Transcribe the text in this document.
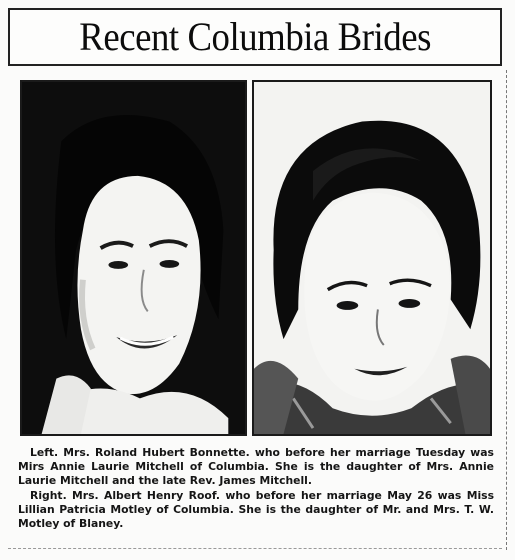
Recent Columbia Brides

Left. Mrs. Roland Hubert Bonnette. who before her marriage Tuesday was Mirs Annie Laurie Mitchell of Columbia. She is the daughter of Mrs. Annie Laurie Mitchell and the late Rev. James Mitchell.

Right. Mrs. Albert Henry Roof. who before her marriage May 26 was Miss Lillian Patricia Motley of Columbia. She is the daughter of Mr. and Mrs. T. W. Motley of Blaney.
